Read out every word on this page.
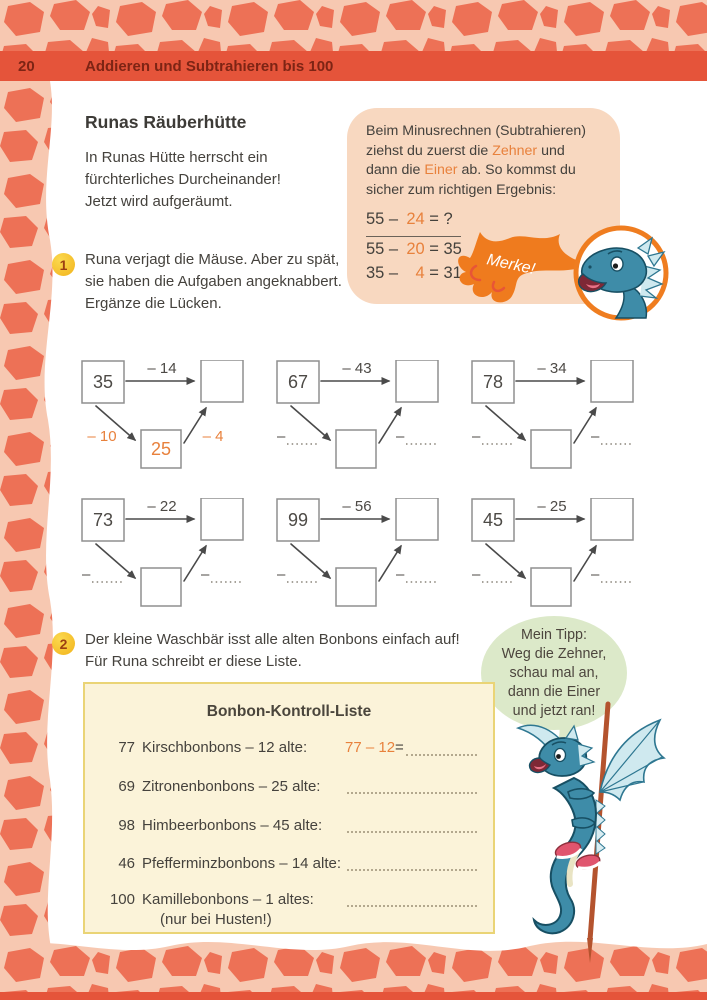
20	Addieren und Subtrahieren bis 100
Runas Räuberhütte
In Runas Hütte herrscht ein
fürchterliches Durcheinander!
Jetzt wird aufgeräumt.
Beim Minusrechnen (Subtrahieren)
ziehst du zuerst die Zehner und
dann die Einer ab. So kommst du
sicher zum richtigen Ergebnis:
55 – 24 = ?
55 – 20 = 35
35 – 4 = 31 Merke!
1 Runa verjagt die Mäuse. Aber zu spät,
sie haben die Aufgaben angeknabbert.
Ergänze die Lücken.
35
– 14
– 10
25
– 4
67
– 43
–	–
78
– 34
–	–
73
– 22
–	–
99
– 56
–	–
45
– 25
–	–
2 Der kleine Waschbär isst alle alten Bonbons einfach auf!
Für Runa schreibt er diese Liste.
Mein Tipp:
Weg die Zehner,
schau mal an,
dann die Einer
und jetzt ran!
Bonbon-Kontroll-Liste
77 Kirschbonbons – 12 alte:	77 – 12 =
69 Zitronenbonbons – 25 alte:
98 Himbeerbonbons – 45 alte:
46 Pfefferminzbonbons – 14 alte:
100 Kamillebonbons – 1 altes:
(nur bei Husten!)
